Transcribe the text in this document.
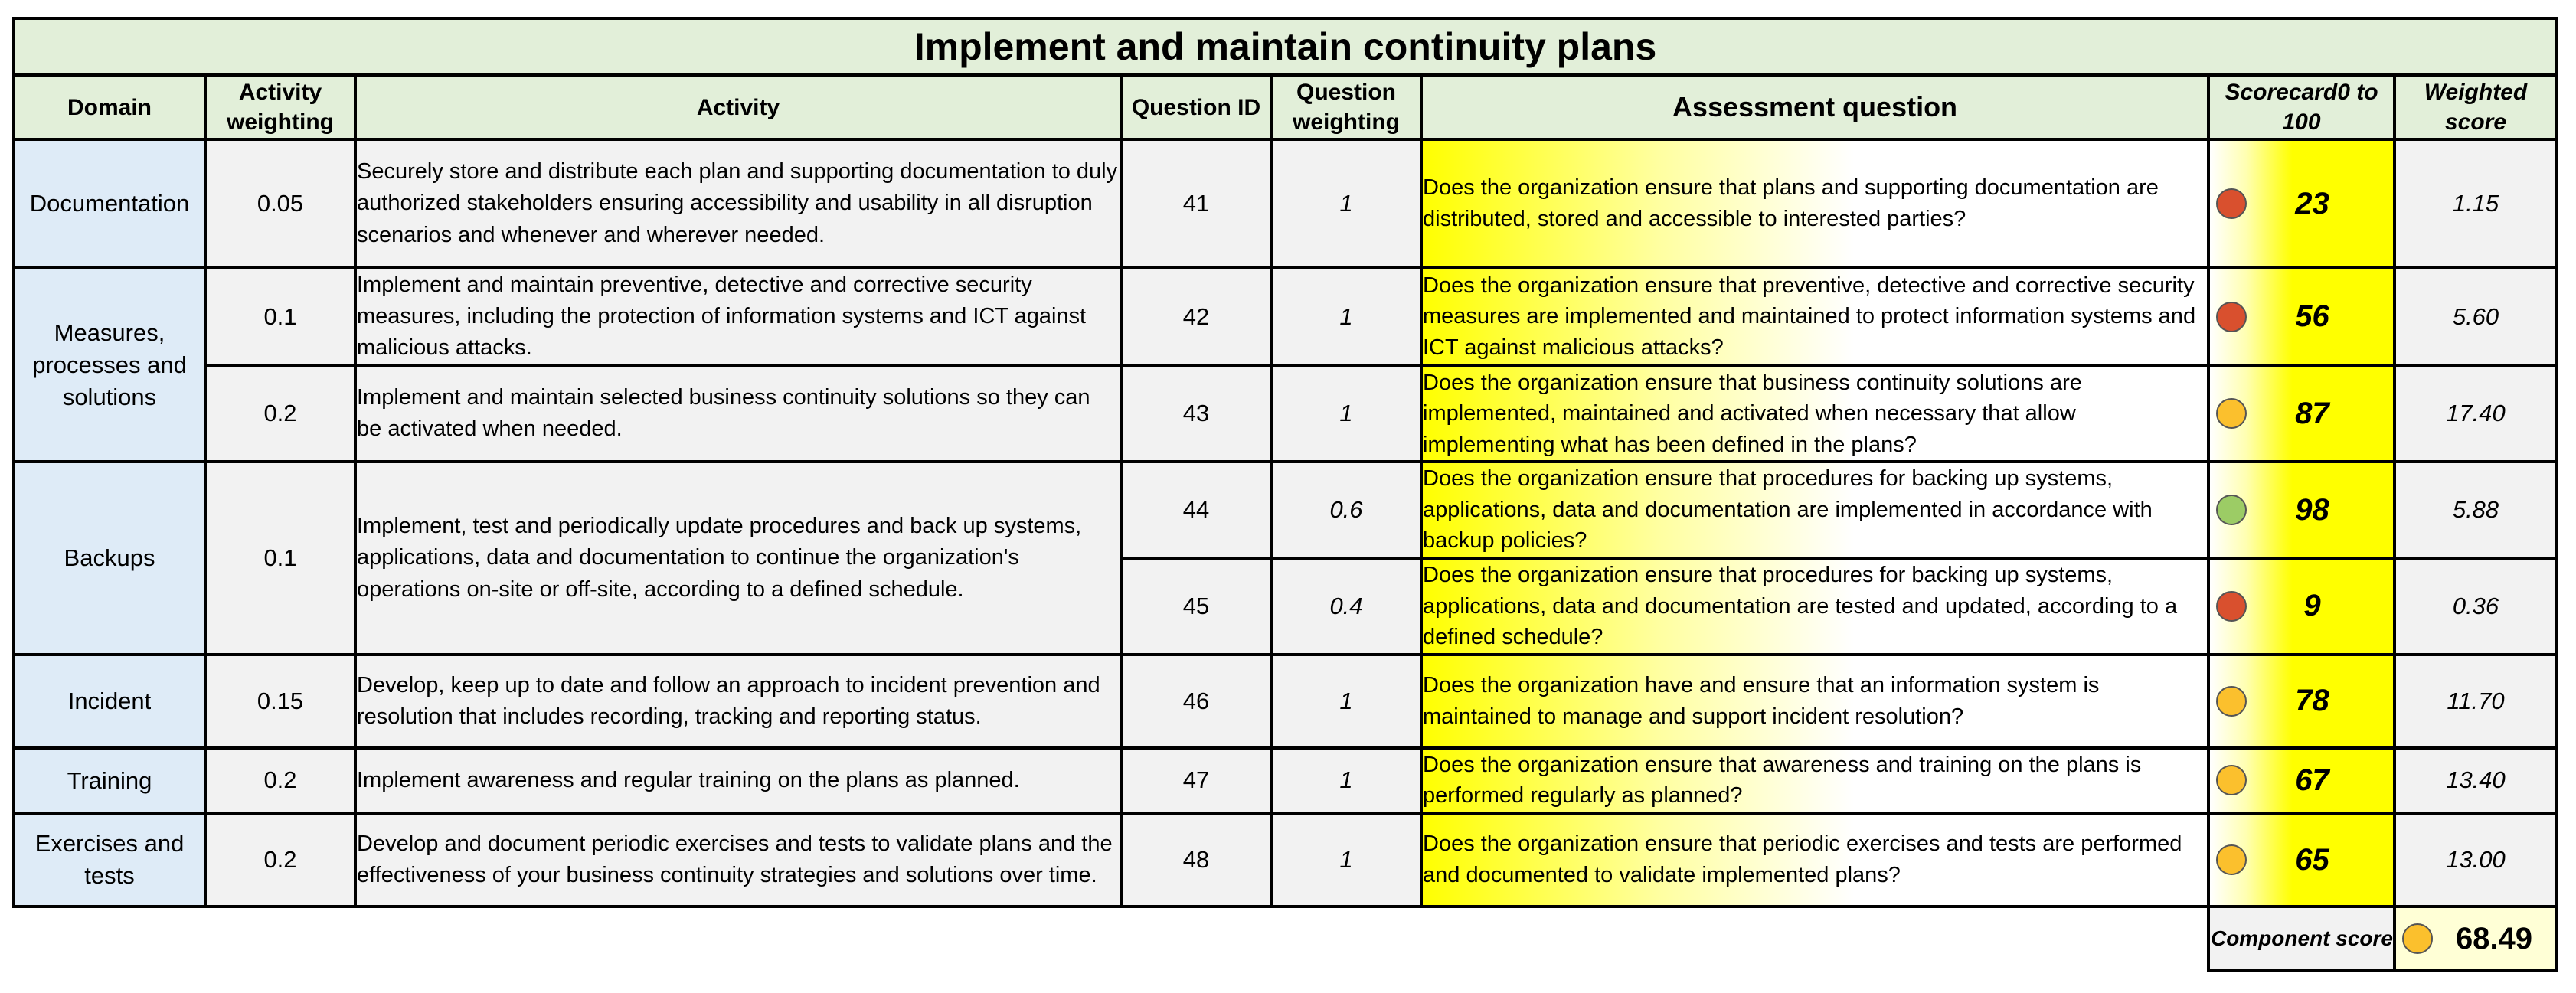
Implement and maintain continuity plans							
Domain	Activity weighting	Activity	Question ID	Question weighting	Assessment question	Scorecard0 to 100	Weighted score
Documentation	0.05	Securely store and distribute each plan and supporting documentation to duly authorized stakeholders ensuring accessibility and usability in all disruption scenarios and whenever and wherever needed.	41	1	Does the organization ensure that plans and supporting documentation are distributed, stored and accessible to interested parties?	23	1.15
Measures, processes and solutions	0.1	Implement and maintain preventive, detective and corrective security measures, including the protection of information systems and ICT against malicious attacks.	42	1	Does the organization ensure that preventive, detective and corrective security measures are implemented and maintained to protect information systems and ICT against malicious attacks?	56	5.60
	0.2	Implement and maintain selected business continuity solutions so they can be activated when needed.	43	1	Does the organization ensure that business continuity solutions are implemented, maintained and activated when necessary that allow implementing what has been defined in the plans?	87	17.40
Backups	0.1	Implement, test and periodically update procedures and back up systems, applications, data and documentation to continue the organization's operations on-site or off-site, according to a defined schedule.	44	0.6	Does the organization ensure that procedures for backing up systems, applications, data and documentation are implemented in accordance with backup policies?	98	5.88
			45	0.4	Does the organization ensure that procedures for backing up systems, applications, data and documentation are tested and updated, according to a defined schedule?	9	0.36
Incident	0.15	Develop, keep up to date and follow an approach to incident prevention and resolution that includes recording, tracking and reporting status.	46	1	Does the organization have and ensure that an information system is maintained to manage and support incident resolution?	78	11.70
Training	0.2	Implement awareness and regular training on the plans as planned.	47	1	Does the organization ensure that awareness and training on the plans is performed regularly as planned?	67	13.40
Exercises and tests	0.2	Develop and document periodic exercises and tests to validate plans and the effectiveness of your business continuity strategies and solutions over time.	48	1	Does the organization ensure that periodic exercises and tests are performed and documented to validate implemented plans?	65	13.00
						Component score	68.49
